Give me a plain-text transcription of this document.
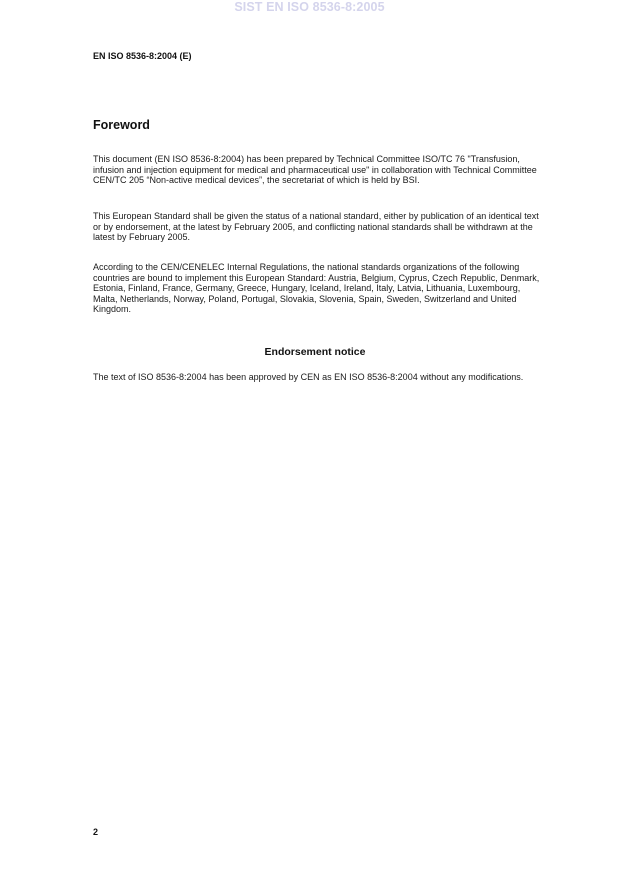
SIST EN ISO 8536-8:2005
EN ISO 8536-8:2004 (E)
Foreword
This document (EN ISO 8536-8:2004) has been prepared by Technical Committee ISO/TC 76 "Transfusion, infusion and injection equipment for medical and pharmaceutical use" in collaboration with Technical Committee CEN/TC 205 “Non-active medical devices”, the secretariat of which is held by BSI.
This European Standard shall be given the status of a national standard, either by publication of an identical text or by endorsement, at the latest by February 2005, and conflicting national standards shall be withdrawn at the latest by February 2005.
According to the CEN/CENELEC Internal Regulations, the national standards organizations of the following countries are bound to implement this European Standard: Austria, Belgium, Cyprus, Czech Republic, Denmark, Estonia, Finland, France, Germany, Greece, Hungary, Iceland, Ireland, Italy, Latvia, Lithuania, Luxembourg, Malta, Netherlands, Norway, Poland, Portugal, Slovakia, Slovenia, Spain, Sweden, Switzerland and United Kingdom.
Endorsement notice
The text of ISO 8536-8:2004 has been approved by CEN as EN ISO 8536-8:2004 without any modifications.
2
